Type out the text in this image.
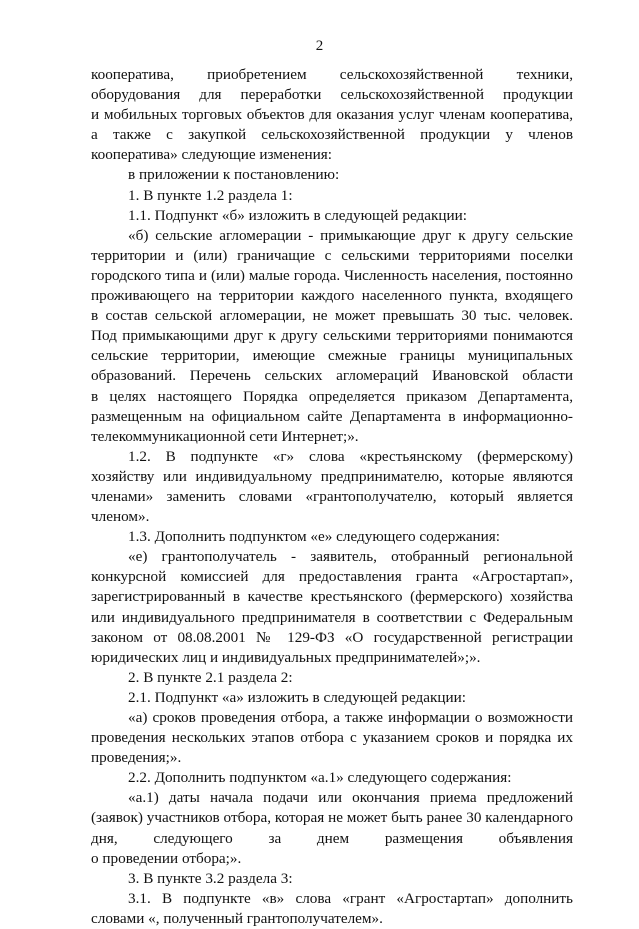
2
кооператива, приобретением сельскохозяйственной техники,
оборудования для переработки сельскохозяйственной продукции
и мобильных торговых объектов для оказания услуг членам кооператива,
а также с закупкой сельскохозяйственной продукции у членов
кооператива» следующие изменения:
в приложении к постановлению:
1. В пункте 1.2 раздела 1:
1.1. Подпункт «б» изложить в следующей редакции:
«б) сельские агломерации - примыкающие друг к другу сельские
территории и (или) граничащие с сельскими территориями поселки
городского типа и (или) малые города. Численность населения, постоянно
проживающего на территории каждого населенного пункта, входящего
в состав сельской агломерации, не может превышать 30 тыс. человек.
Под примыкающими друг к другу сельскими территориями понимаются
сельские территории, имеющие смежные границы муниципальных
образований. Перечень сельских агломераций Ивановской области
в целях настоящего Порядка определяется приказом Департамента,
размещенным на официальном сайте Департамента в информационно-
телекоммуникационной сети Интернет;».
1.2. В подпункте «г» слова «крестьянскому (фермерскому)
хозяйству или индивидуальному предпринимателю, которые являются
членами» заменить словами «грантополучателю, который является
членом».
1.3. Дополнить подпунктом «е» следующего содержания:
«е) грантополучатель - заявитель, отобранный региональной
конкурсной комиссией для предоставления гранта «Агростартап»,
зарегистрированный в качестве крестьянского (фермерского) хозяйства
или индивидуального предпринимателя в соответствии с Федеральным
законом от 08.08.2001 № 129-ФЗ «О государственной регистрации
юридических лиц и индивидуальных предпринимателей»;».
2. В пункте 2.1 раздела 2:
2.1. Подпункт «а» изложить в следующей редакции:
«а) сроков проведения отбора, а также информации о возможности
проведения нескольких этапов отбора с указанием сроков и порядка их
проведения;».
2.2. Дополнить подпунктом «а.1» следующего содержания:
«а.1) даты начала подачи или окончания приема предложений
(заявок) участников отбора, которая не может быть ранее 30 календарного
дня, следующего за днем размещения объявления
о проведении отбора;».
3. В пункте 3.2 раздела 3:
3.1. В подпункте «в» слова «грант «Агростартап» дополнить
словами «, полученный грантополучателем».
